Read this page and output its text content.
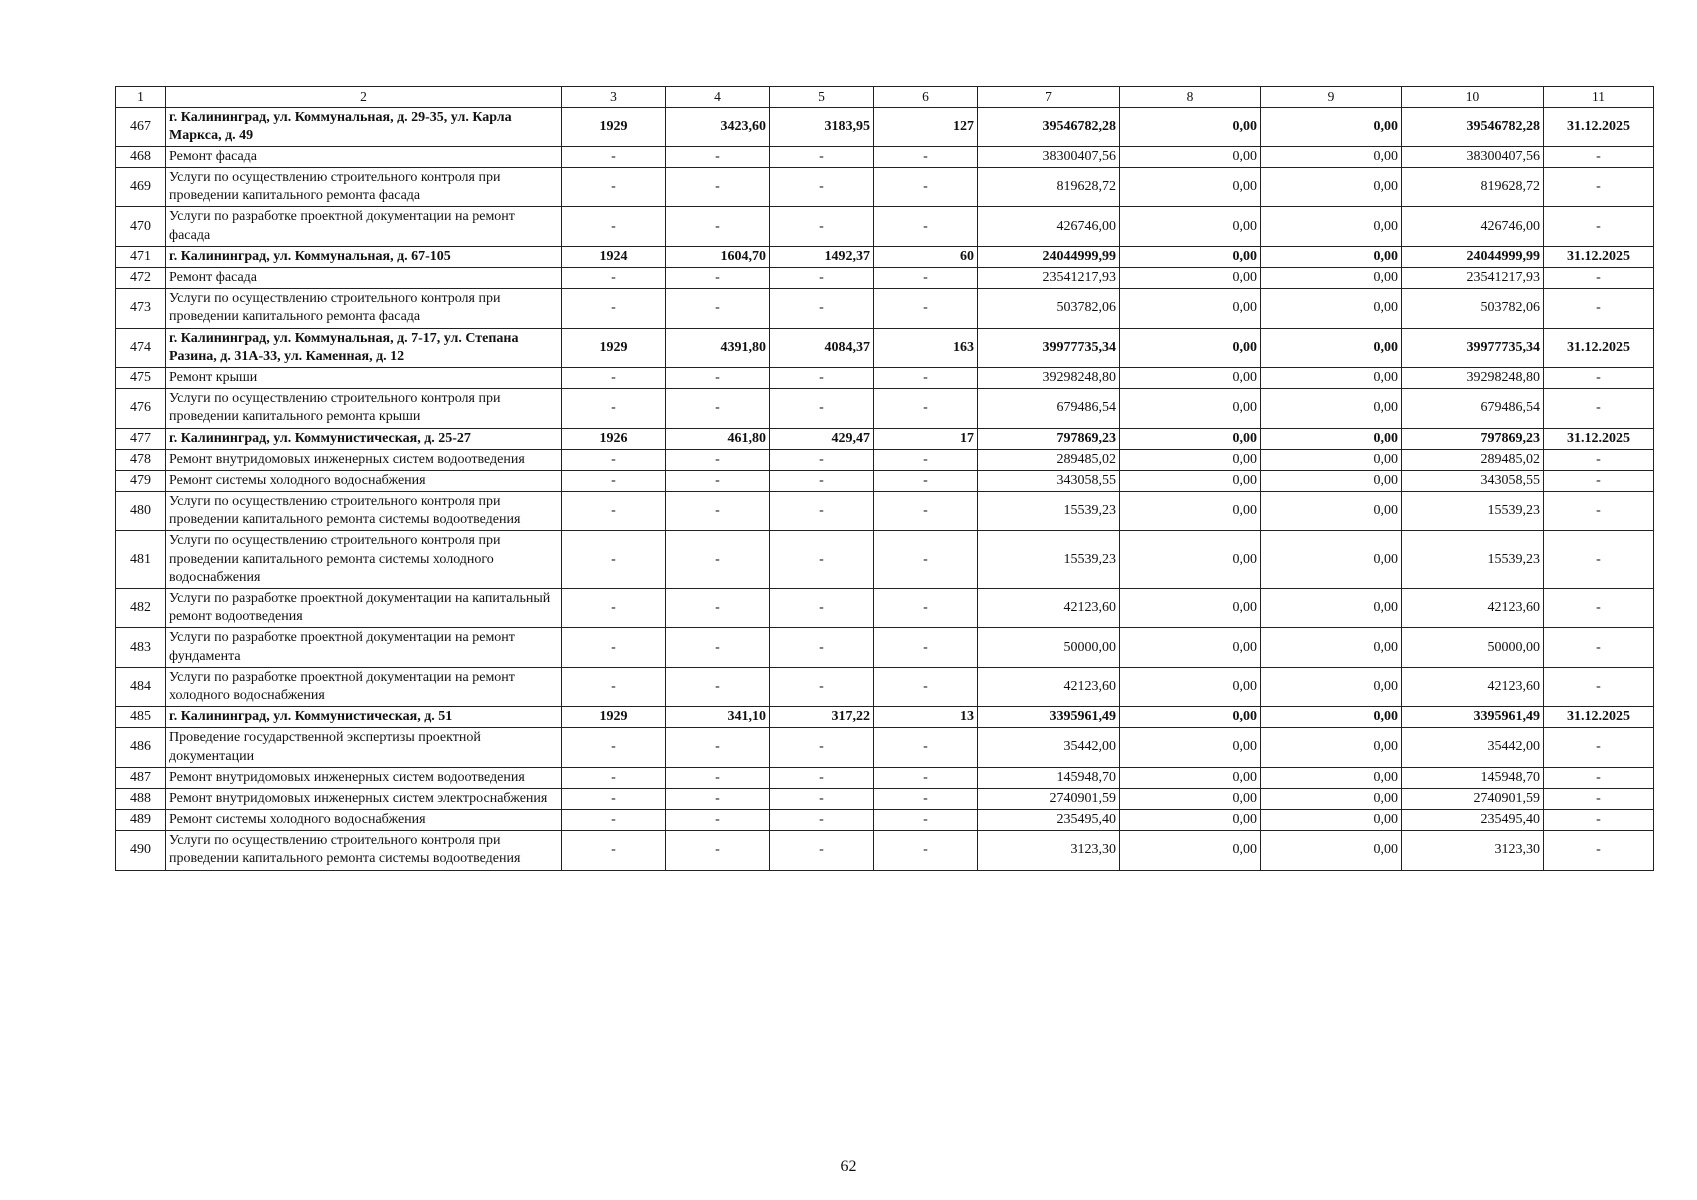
1	2	3	4	5	6	7	8	9	10	11
467	г. Калининград, ул. Коммунальная, д. 29-35, ул. Карла Маркса, д. 49	1929	3423,60	3183,95	127	39546782,28	0,00	0,00	39546782,28	31.12.2025
468	Ремонт фасада	-	-	-	-	38300407,56	0,00	0,00	38300407,56	-
469	Услуги по осуществлению строительного контроля при проведении капитального ремонта фасада	-	-	-	-	819628,72	0,00	0,00	819628,72	-
470	Услуги по разработке проектной документации на ремонт фасада	-	-	-	-	426746,00	0,00	0,00	426746,00	-
471	г. Калининград, ул. Коммунальная, д. 67-105	1924	1604,70	1492,37	60	24044999,99	0,00	0,00	24044999,99	31.12.2025
472	Ремонт фасада	-	-	-	-	23541217,93	0,00	0,00	23541217,93	-
473	Услуги по осуществлению строительного контроля при проведении капитального ремонта фасада	-	-	-	-	503782,06	0,00	0,00	503782,06	-
474	г. Калининград, ул. Коммунальная, д. 7-17, ул. Степана Разина, д. 31А-33, ул. Каменная, д. 12	1929	4391,80	4084,37	163	39977735,34	0,00	0,00	39977735,34	31.12.2025
475	Ремонт крыши	-	-	-	-	39298248,80	0,00	0,00	39298248,80	-
476	Услуги по осуществлению строительного контроля при проведении капитального ремонта крыши	-	-	-	-	679486,54	0,00	0,00	679486,54	-
477	г. Калининград, ул. Коммунистическая, д. 25-27	1926	461,80	429,47	17	797869,23	0,00	0,00	797869,23	31.12.2025
478	Ремонт внутридомовых инженерных систем водоотведения	-	-	-	-	289485,02	0,00	0,00	289485,02	-
479	Ремонт системы холодного водоснабжения	-	-	-	-	343058,55	0,00	0,00	343058,55	-
480	Услуги по осуществлению строительного контроля при проведении капитального ремонта системы водоотведения	-	-	-	-	15539,23	0,00	0,00	15539,23	-
481	Услуги по осуществлению строительного контроля при проведении капитального ремонта системы холодного водоснабжения	-	-	-	-	15539,23	0,00	0,00	15539,23	-
482	Услуги по разработке проектной документации на капитальный ремонт водоотведения	-	-	-	-	42123,60	0,00	0,00	42123,60	-
483	Услуги по разработке проектной документации на ремонт фундамента	-	-	-	-	50000,00	0,00	0,00	50000,00	-
484	Услуги по разработке проектной документации на ремонт холодного водоснабжения	-	-	-	-	42123,60	0,00	0,00	42123,60	-
485	г. Калининград, ул. Коммунистическая, д. 51	1929	341,10	317,22	13	3395961,49	0,00	0,00	3395961,49	31.12.2025
486	Проведение государственной экспертизы проектной документации	-	-	-	-	35442,00	0,00	0,00	35442,00	-
487	Ремонт внутридомовых инженерных систем водоотведения	-	-	-	-	145948,70	0,00	0,00	145948,70	-
488	Ремонт внутридомовых инженерных систем электроснабжения	-	-	-	-	2740901,59	0,00	0,00	2740901,59	-
489	Ремонт системы холодного водоснабжения	-	-	-	-	235495,40	0,00	0,00	235495,40	-
490	Услуги по осуществлению строительного контроля при проведении капитального ремонта системы водоотведения	-	-	-	-	3123,30	0,00	0,00	3123,30	-
62
